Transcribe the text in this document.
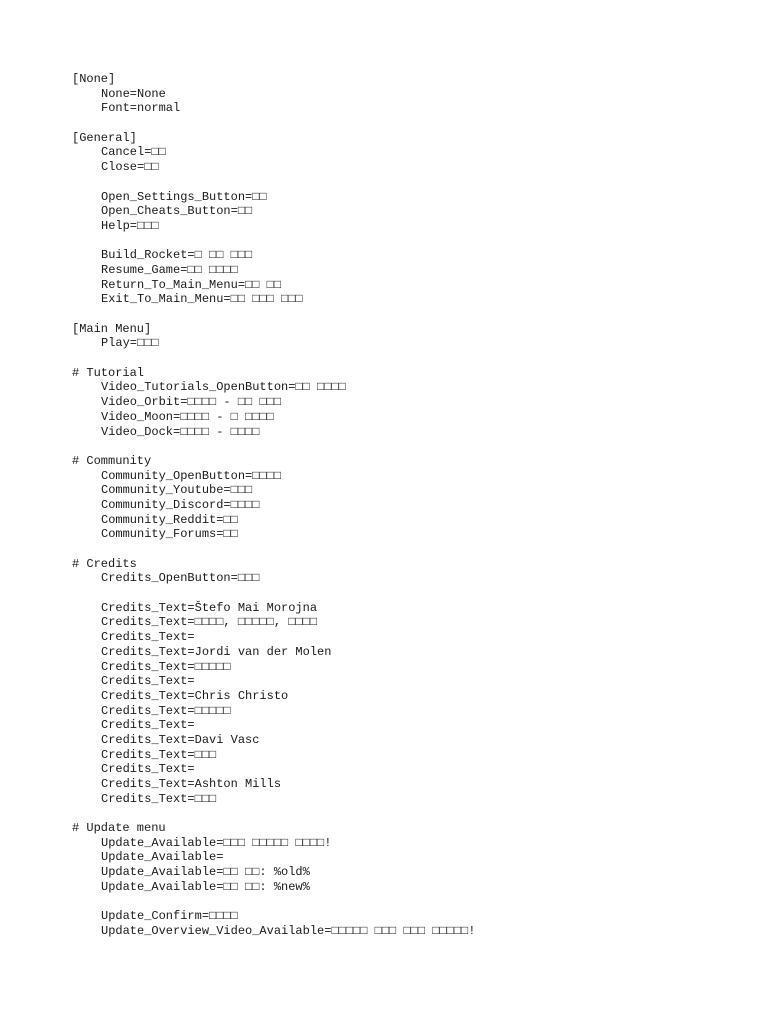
[None]
None=None
Font=normal
[General]
Cancel=□□
Close=□□
Open_Settings_Button=□□
Open_Cheats_Button=□□
Help=□□□
Build_Rocket=□ □□ □□□
Resume_Game=□□ □□□□
Return_To_Main_Menu=□□ □□
Exit_To_Main_Menu=□□ □□□ □□□
[Main Menu]
Play=□□□
# Tutorial
Video_Tutorials_OpenButton=□□ □□□□
Video_Orbit=□□□□ - □□ □□□
Video_Moon=□□□□ - □ □□□□
Video_Dock=□□□□ - □□□□
# Community
Community_OpenButton=□□□□
Community_Youtube=□□□
Community_Discord=□□□□
Community_Reddit=□□
Community_Forums=□□
# Credits
Credits_OpenButton=□□□
Credits_Text=Štefo Mai Morojna
Credits_Text=□□□□, □□□□□, □□□□
Credits_Text=
Credits_Text=Jordi van der Molen
Credits_Text=□□□□□
Credits_Text=
Credits_Text=Chris Christo
Credits_Text=□□□□□
Credits_Text=
Credits_Text=Davi Vasc
Credits_Text=□□□
Credits_Text=
Credits_Text=Ashton Mills
Credits_Text=□□□
# Update menu
Update_Available=□□□ □□□□□ □□□□!
Update_Available=
Update_Available=□□ □□: %old%
Update_Available=□□ □□: %new%
Update_Confirm=□□□□
Update_Overview_Video_Available=□□□□□ □□□ □□□ □□□□□!
